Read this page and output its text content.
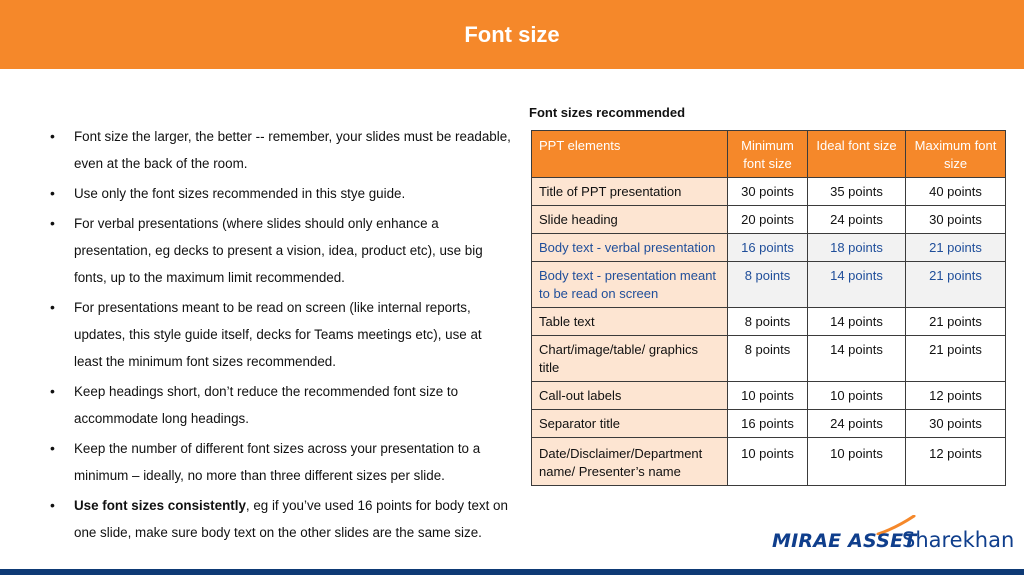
Font size
• Font size the larger, the better -- remember, your slides must be readable, even at the back of the room.
• Use only the font sizes recommended in this stye guide.
• For verbal presentations (where slides should only enhance a presentation, eg decks to present a vision, idea, product etc), use big fonts, up to the maximum limit recommended.
• For presentations meant to be read on screen (like internal reports, updates, this style guide itself, decks for Teams meetings etc), use at least the minimum font sizes recommended.
• Keep headings short, don’t reduce the recommended font size to accommodate long headings.
• Keep the number of different font sizes across your presentation to a minimum – ideally, no more than three different sizes per slide.
• Use font sizes consistently, eg if you’ve used 16 points for body text on one slide, make sure body text on the other slides are the same size.
Font sizes recommended
PPT elements	Minimum font size	Ideal font size	Maximum font size
Title of PPT presentation	30 points	35 points	40 points
Slide heading	20 points	24 points	30 points
Body text - verbal presentation	16 points	18 points	21 points
Body text - presentation meant to be read on screen	8 points	14 points	21 points
Table text	8 points	14 points	21 points
Chart/image/table/ graphics title	8 points	14 points	21 points
Call-out labels	10 points	10 points	12 points
Separator title	16 points	24 points	30 points
Date/Disclaimer/Department name/ Presenter’s name	10 points	10 points	12 points
MIRAE ASSET
Sharekhan
